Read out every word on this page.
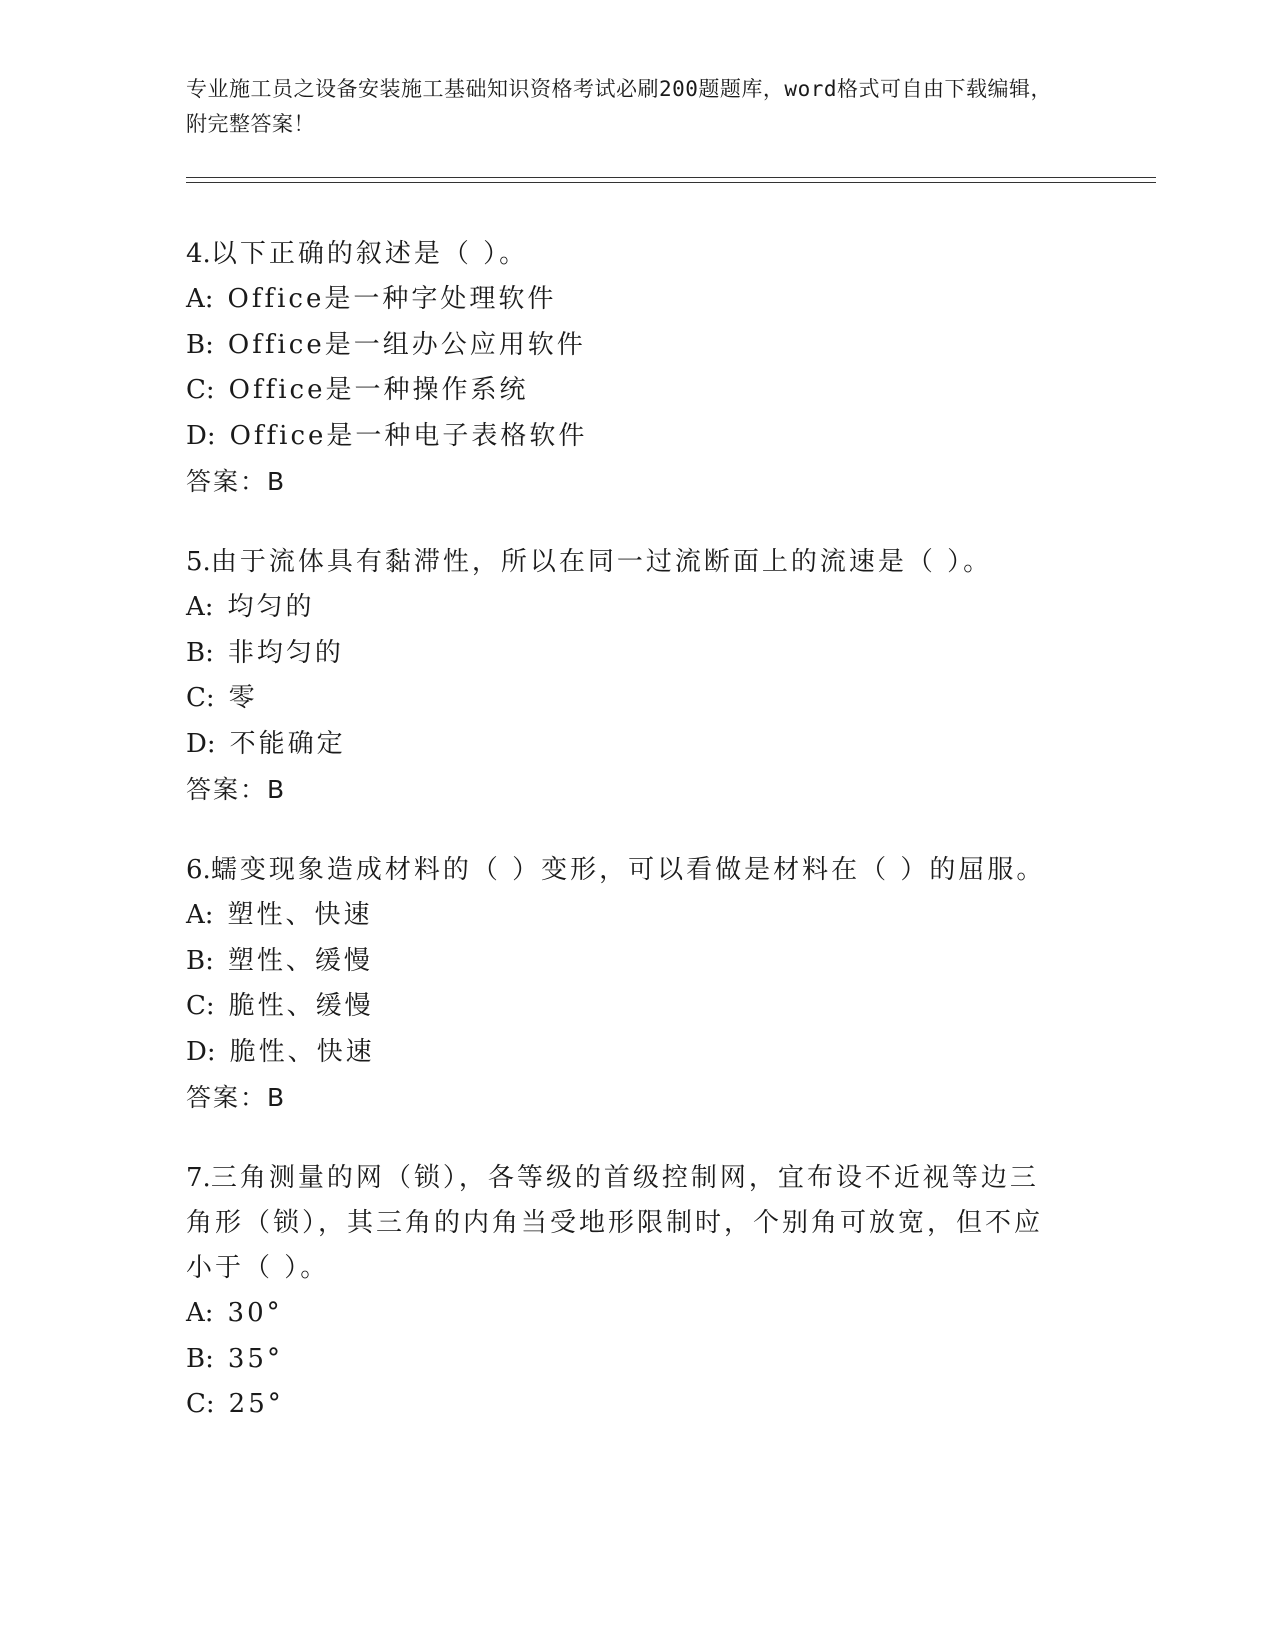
专业施工员之设备安装施工基础知识资格考试必刷200题题库，word格式可自由下载编辑，附完整答案！
4.以下正确的叙述是（ ）。
A: Office是一种字处理软件
B: Office是一组办公应用软件
C: Office是一种操作系统
D: Office是一种电子表格软件
答案：B
5.由于流体具有黏滞性，所以在同一过流断面上的流速是（ ）。
A: 均匀的
B: 非均匀的
C: 零
D: 不能确定
答案：B
6.蠕变现象造成材料的（ ）变形，可以看做是材料在（ ）的屈服。
A: 塑性、快速
B: 塑性、缓慢
C: 脆性、缓慢
D: 脆性、快速
答案：B
7.三角测量的网（锁），各等级的首级控制网，宜布设不近视等边三角形（锁），其三角的内角当受地形限制时，个别角可放宽，但不应小于（ ）。
A: 30°
B: 35°
C: 25°
